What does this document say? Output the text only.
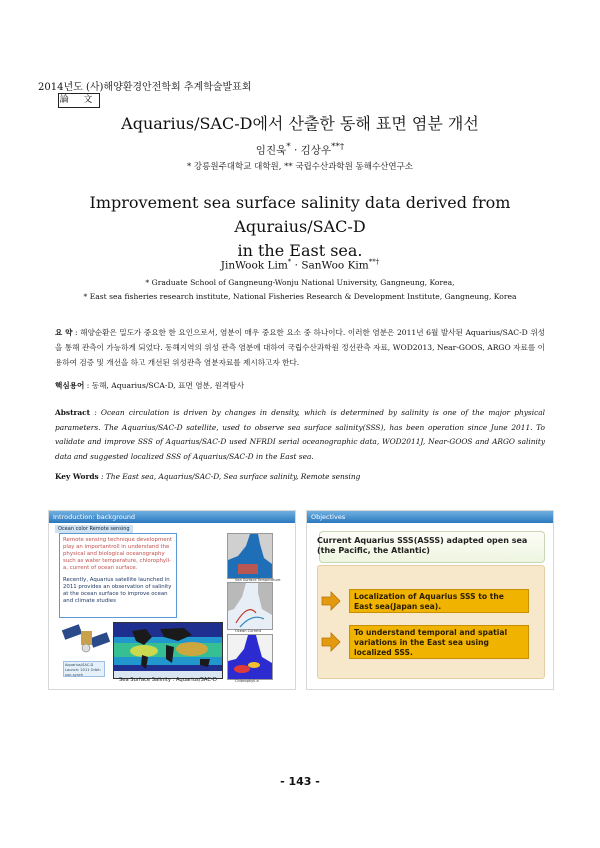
2014년도 (사)해양환경안전학회 추계학술발표회
論 文
Aquarius/SAC-D에서 산출한 동해 표면 염분 개선
임진욱* · 김상우**†
* 강릉원주대학교 대학원, ** 국립수산과학원 동해수산연구소
Improvement sea surface salinity data derived from Aquraius/SAC-D
in the East sea.
JinWook Lim* · SanWoo Kim**†
* Graduate School of Gangneung-Wonju National University, Gangneung, Korea,
* East sea fisheries research institute, National Fisheries Research & Development Institute, Gangneung, Korea
요 약 : 해양순환은 밀도가 중요한 한 요인으로서, 염분이 매우 중요한 요소 중 하나이다. 이러한 염분은 2011년 6월 발사된 Aquarius/SAC-D 위성을 통해 관측이 가능하게 되었다. 동해지역의 위성 관측 염분에 대하여 국립수산과학원 정선관측 자료, WOD2013, Near-GOOS, ARGO 자료를 이용하여 검증 및 개선을 하고 개선된 위성관측 염분자료를 제시하고자 한다.
핵심용어 : 동해, Aquarius/SCA-D, 표면 염분, 원격탐사
Abstract : Ocean circulation is driven by changes in density, which is determined by salinity is one of the major physical parameters. The Aquarius/SAC-D satellite, used to observe sea surface salinity(SSS), has been operation since June 2011. To validate and improve SSS of Aquarius/SAC-D used NFRDI serial oceanographic data, WOD2011J, Near-GOOS and ARGO salinity data and suggested localized SSS of Aquarius/SAC-D in the East sea.
Key Words : The East sea, Aquarius/SAC-D, Sea surface salinity, Remote sensing
Introduction: background
Ocean color Remote sensing

Remote sensing technique development play an importantroll in understand the physical and biological oceanography such as water temperature, chlorophyll-a, current of ocean surface.

Recently, Aquarius satellite launched in 2011 provides an observation of salinity at the ocean surface to improve ocean and climate studies

Aquarius/SAC-D Launch: 2011 Orbit: sun-synch
Sea Surface Salinity : Aquarius/SAC-D
Sea Surface Temperature
Ocean Current
Chlorophyll-a
Objectives
Current Aquarius SSS(ASSS) adapted open sea (the Pacific, the Atlantic)
Localization of Aquarius SSS to the East sea(Japan sea).
To understand temporal and spatial variations in the East sea using localized SSS.
- 143 -
